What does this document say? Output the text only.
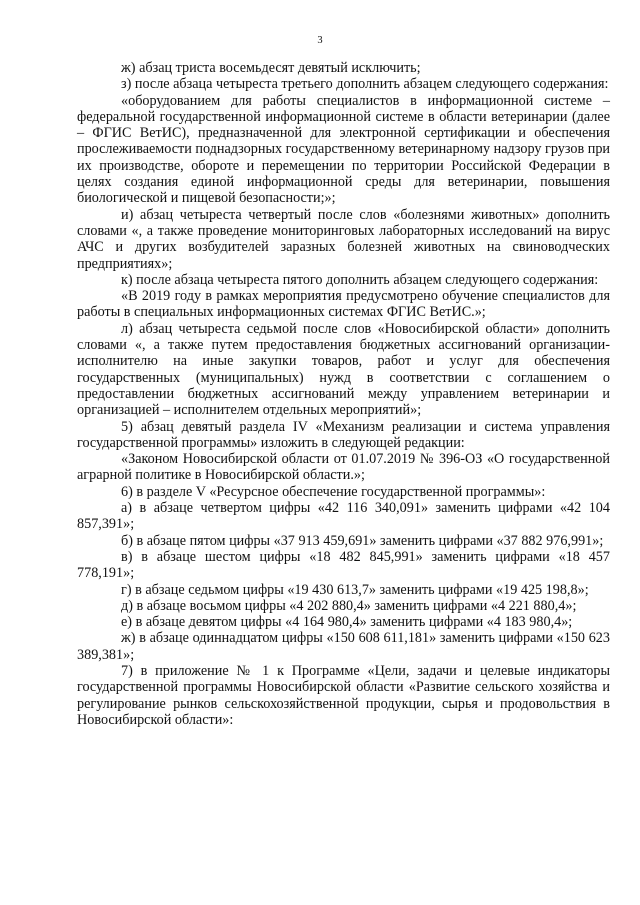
3

ж) абзац триста восемьдесят девятый исключить;

з) после абзаца четыреста третьего дополнить абзацем следующего содержания:

«оборудованием для работы специалистов в информационной системе – федеральной государственной информационной системе в области ветеринарии (далее – ФГИС ВетИС), предназначенной для электронной сертификации и обеспечения прослеживаемости поднадзорных государственному ветеринарному надзору грузов при их производстве, обороте и перемещении по территории Российской Федерации в целях создания единой информационной среды для ветеринарии, повышения биологической и пищевой безопасности;»;

и) абзац четыреста четвертый после слов «болезнями животных» дополнить словами «, а также проведение мониторинговых лабораторных исследований на вирус АЧС и других возбудителей заразных болезней животных на свиноводческих предприятиях»;

к) после абзаца четыреста пятого дополнить абзацем следующего содержания:

«В 2019 году в рамках мероприятия предусмотрено обучение специалистов для работы в специальных информационных системах ФГИС ВетИС.»;

л) абзац четыреста седьмой после слов «Новосибирской области» дополнить словами «, а также путем предоставления бюджетных ассигнований организации-исполнителю на иные закупки товаров, работ и услуг для обеспечения государственных (муниципальных) нужд в соответствии с соглашением о предоставлении бюджетных ассигнований между управлением ветеринарии и организацией – исполнителем отдельных мероприятий»;

5) абзац девятый раздела IV «Механизм реализации и система управления государственной программы» изложить в следующей редакции:

«Законом Новосибирской области от 01.07.2019 № 396-ОЗ «О государственной аграрной политике в Новосибирской области.»;

6) в разделе V «Ресурсное обеспечение государственной программы»:

а) в абзаце четвертом цифры «42 116 340,091» заменить цифрами «42 104 857,391»;

б) в абзаце пятом цифры «37 913 459,691» заменить цифрами «37 882 976,991»;

в) в абзаце шестом цифры «18 482 845,991» заменить цифрами «18 457 778,191»;

г) в абзаце седьмом цифры «19 430 613,7» заменить цифрами «19 425 198,8»;

д) в абзаце восьмом цифры «4 202 880,4» заменить цифрами «4 221 880,4»;

е) в абзаце девятом цифры «4 164 980,4» заменить цифрами «4 183 980,4»;

ж) в абзаце одиннадцатом цифры «150 608 611,181» заменить цифрами «150 623 389,381»;

7) в приложение № 1 к Программе «Цели, задачи и целевые индикаторы государственной программы Новосибирской области «Развитие сельского хозяйства и регулирование рынков сельскохозяйственной продукции, сырья и продовольствия в Новосибирской области»:
